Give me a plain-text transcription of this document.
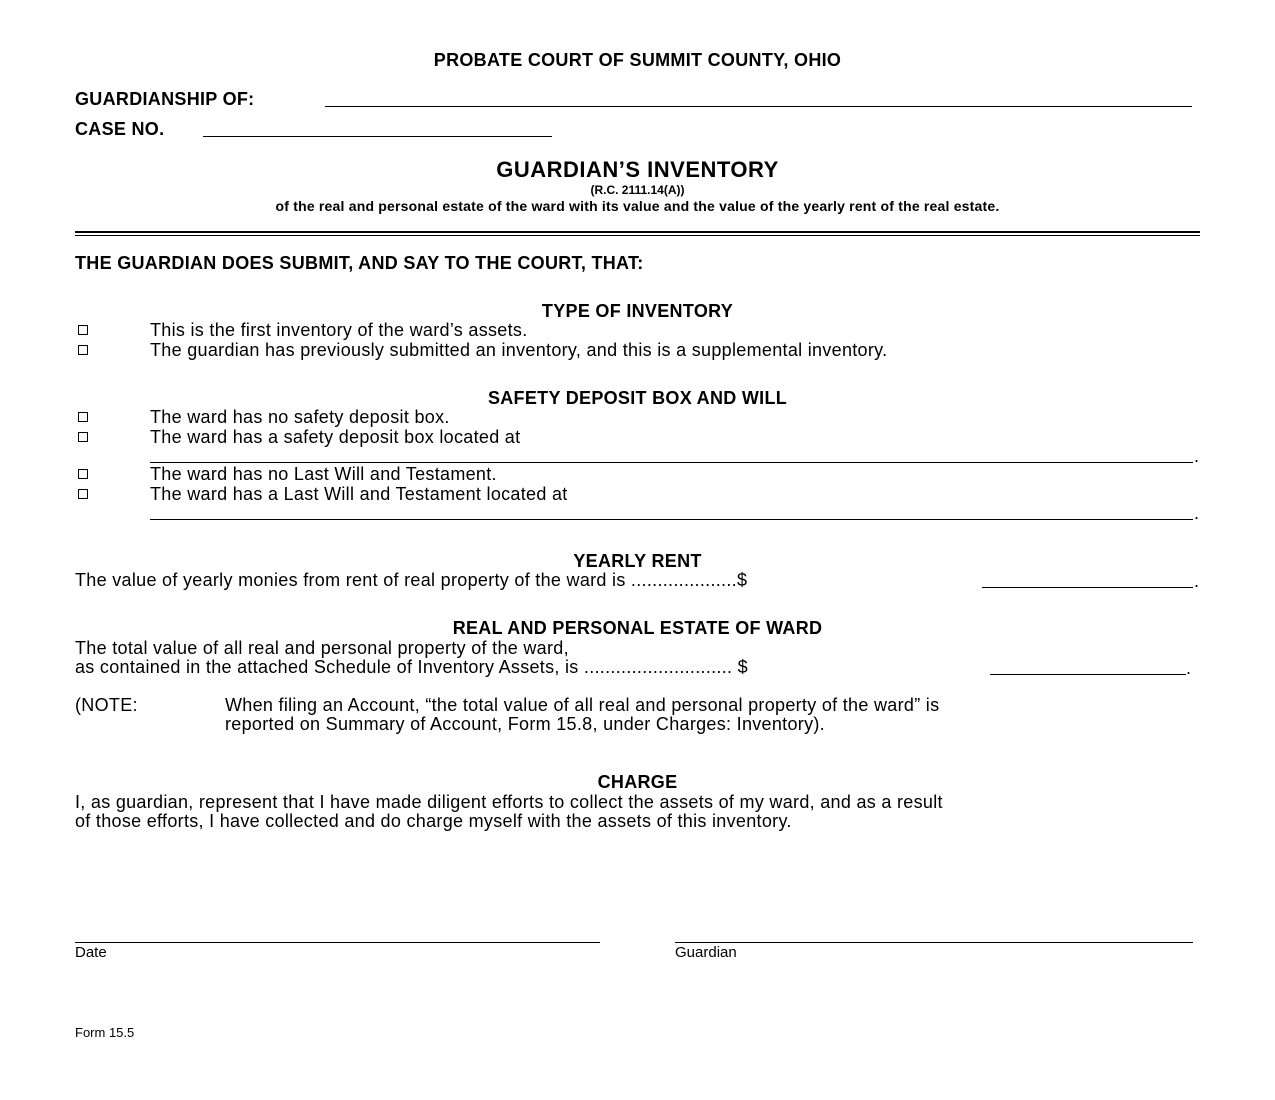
PROBATE COURT OF SUMMIT COUNTY, OHIO
GUARDIANSHIP OF:
CASE NO.
GUARDIAN’S INVENTORY
(R.C. 2111.14(A))
of the real and personal estate of the ward with its value and the value of the yearly rent of the real estate.
THE GUARDIAN DOES SUBMIT, AND SAY TO THE COURT, THAT:
TYPE OF INVENTORY
This is the first inventory of the ward’s assets.
The guardian has previously submitted an inventory, and this is a supplemental inventory.
SAFETY DEPOSIT BOX AND WILL
The ward has no safety deposit box.
The ward has a safety deposit box located at
.
The ward has no Last Will and Testament.
The ward has a Last Will and Testament located at
.
YEARLY RENT
The value of yearly monies from rent of real property of the ward is ....................$	.
REAL AND PERSONAL ESTATE OF WARD
The total value of all real and personal property of the ward,
as contained in the attached Schedule of Inventory Assets, is ............................ $	.
(NOTE:	When filing an Account, “the total value of all real and personal property of the ward” is
reported on Summary of Account, Form 15.8, under Charges: Inventory).
CHARGE
I, as guardian, represent that I have made diligent efforts to collect the assets of my ward, and as a result
of those efforts, I have collected and do charge myself with the assets of this inventory.
Date	Guardian
Form 15.5
